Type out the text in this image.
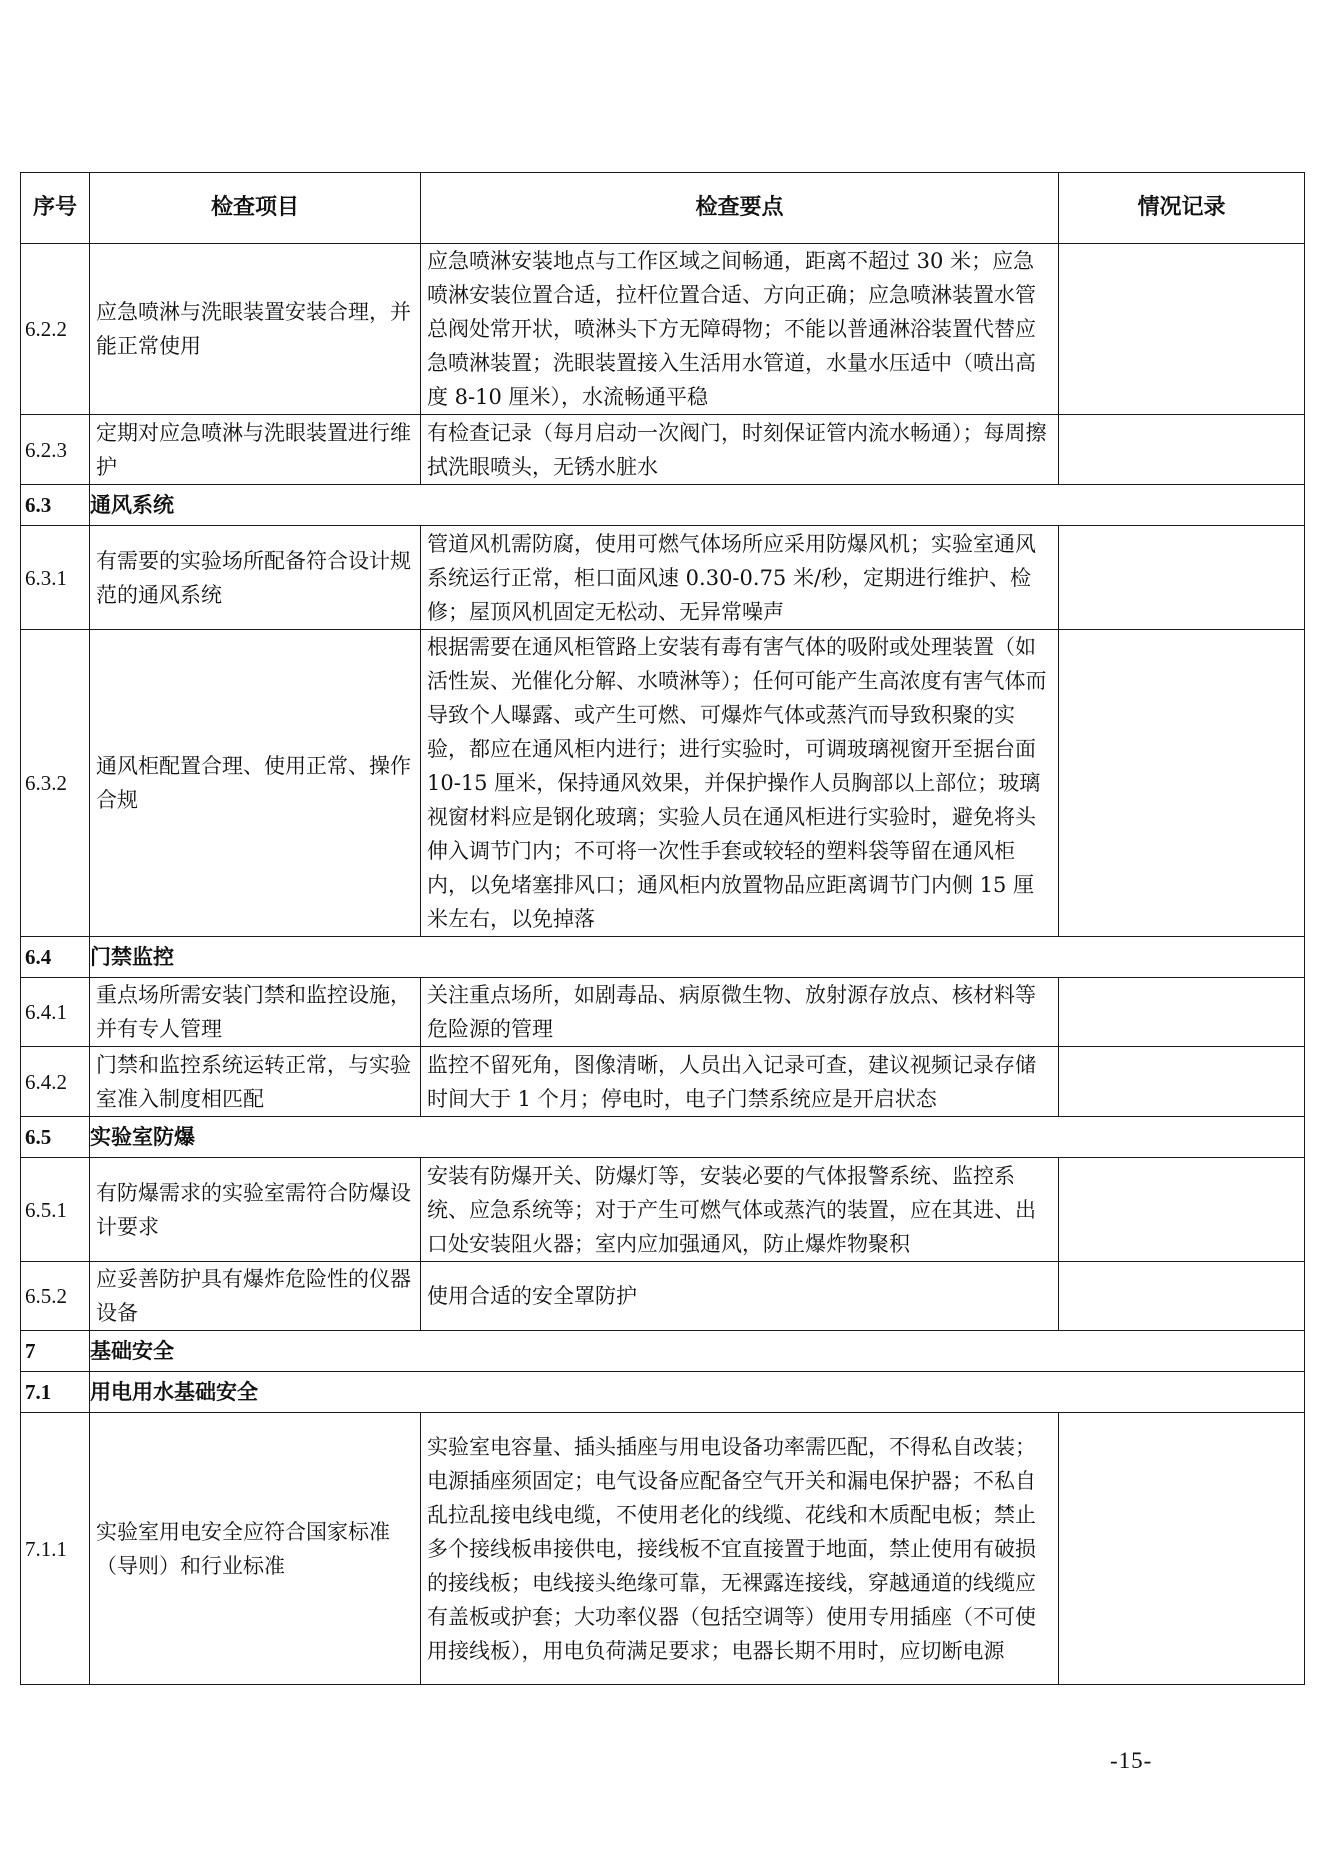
序号	检查项目	检查要点	情况记录
6.2.2	应急喷淋与洗眼装置安装合理，并能正常使用	应急喷淋安装地点与工作区域之间畅通，距离不超过 30 米；应急喷淋安装位置合适，拉杆位置合适、方向正确；应急喷淋装置水管总阀处常开状，喷淋头下方无障碍物；不能以普通淋浴装置代替应急喷淋装置；洗眼装置接入生活用水管道，水量水压适中（喷出高度 8-10 厘米），水流畅通平稳	
6.2.3	定期对应急喷淋与洗眼装置进行维护	有检查记录（每月启动一次阀门，时刻保证管内流水畅通）；每周擦拭洗眼喷头，无锈水脏水	
6.3	通风系统		
6.3.1	有需要的实验场所配备符合设计规范的通风系统	管道风机需防腐，使用可燃气体场所应采用防爆风机；实验室通风系统运行正常，柜口面风速 0.30-0.75 米/秒，定期进行维护、检修；屋顶风机固定无松动、无异常噪声	
6.3.2	通风柜配置合理、使用正常、操作合规	根据需要在通风柜管路上安装有毒有害气体的吸附或处理装置（如活性炭、光催化分解、水喷淋等）；任何可能产生高浓度有害气体而导致个人曝露、或产生可燃、可爆炸气体或蒸汽而导致积聚的实验，都应在通风柜内进行；进行实验时，可调玻璃视窗开至据台面 10-15 厘米，保持通风效果，并保护操作人员胸部以上部位；玻璃视窗材料应是钢化玻璃；实验人员在通风柜进行实验时，避免将头伸入调节门内；不可将一次性手套或较轻的塑料袋等留在通风柜内，以免堵塞排风口；通风柜内放置物品应距离调节门内侧 15 厘米左右，以免掉落	
6.4	门禁监控		
6.4.1	重点场所需安装门禁和监控设施，并有专人管理	关注重点场所，如剧毒品、病原微生物、放射源存放点、核材料等危险源的管理	
6.4.2	门禁和监控系统运转正常，与实验室准入制度相匹配	监控不留死角，图像清晰，人员出入记录可查，建议视频记录存储时间大于 1 个月；停电时，电子门禁系统应是开启状态	
6.5	实验室防爆		
6.5.1	有防爆需求的实验室需符合防爆设计要求	安装有防爆开关、防爆灯等，安装必要的气体报警系统、监控系统、应急系统等；对于产生可燃气体或蒸汽的装置，应在其进、出口处安装阻火器；室内应加强通风，防止爆炸物聚积	
6.5.2	应妥善防护具有爆炸危险性的仪器设备	使用合适的安全罩防护	
7	基础安全		
7.1	用电用水基础安全		
7.1.1	实验室用电安全应符合国家标准（导则）和行业标准	实验室电容量、插头插座与用电设备功率需匹配，不得私自改装；电源插座须固定；电气设备应配备空气开关和漏电保护器；不私自乱拉乱接电线电缆，不使用老化的线缆、花线和木质配电板；禁止多个接线板串接供电，接线板不宜直接置于地面，禁止使用有破损的接线板；电线接头绝缘可靠，无裸露连接线，穿越通道的线缆应有盖板或护套；大功率仪器（包括空调等）使用专用插座（不可使用接线板），用电负荷满足要求；电器长期不用时，应切断电源	
-15-
